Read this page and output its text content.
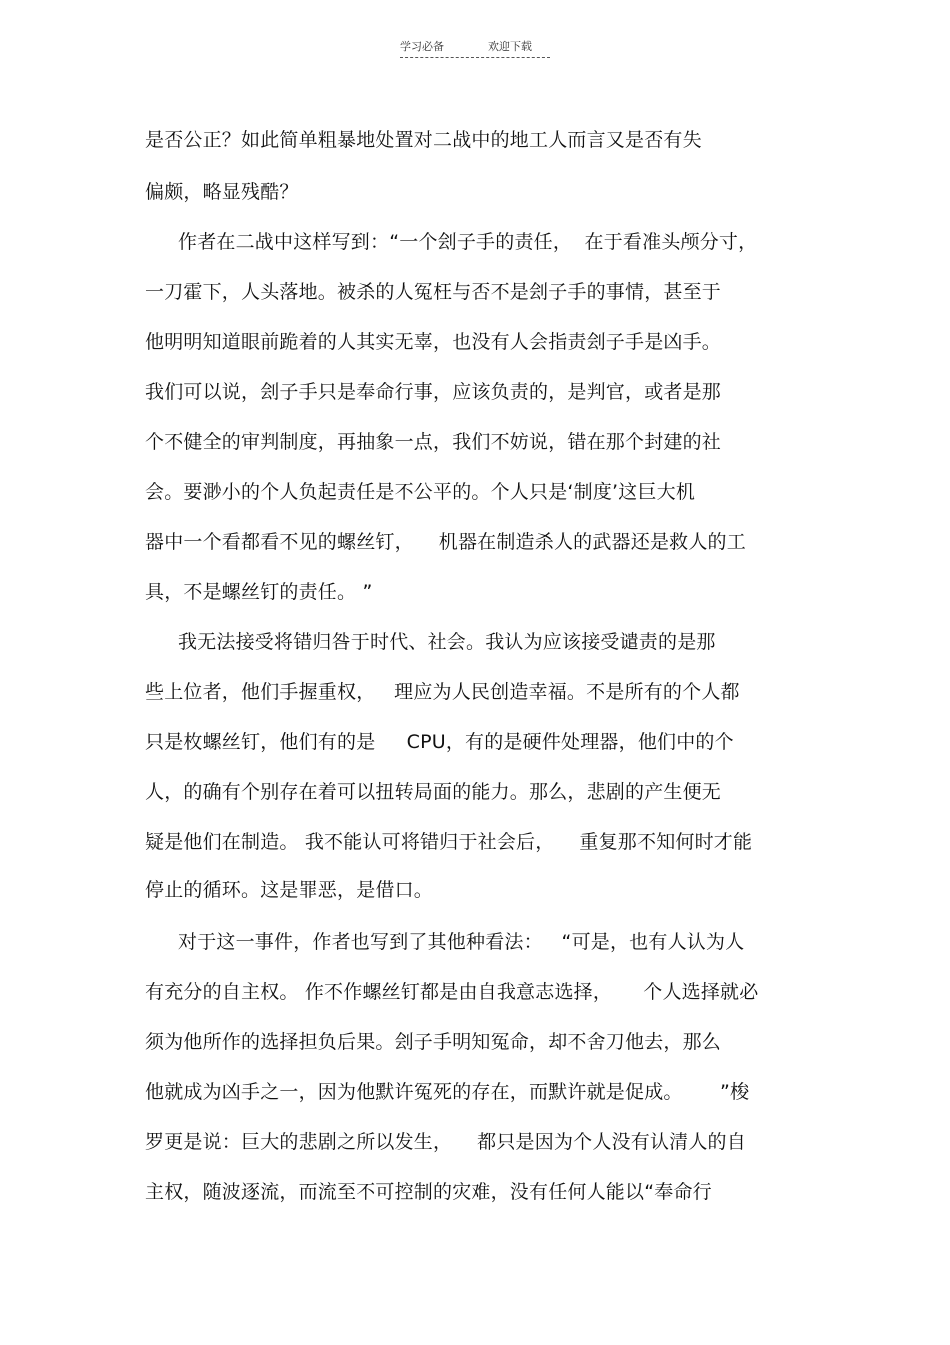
学习必备	欢迎下载
是否公正？如此简单粗暴地处置对二战中的地工人而言又是否有失
偏颇，略显残酷？
作者在二战中这样写到：“一个刽子手的责任，  在于看准头颅分寸，
一刀霍下，人头落地。被杀的人冤枉与否不是刽子手的事情，甚至于
他明明知道眼前跪着的人其实无辜，也没有人会指责刽子手是凶手。
我们可以说，刽子手只是奉命行事，应该负责的，是判官，或者是那
个不健全的审判制度，再抽象一点，我们不妨说，错在那个封建的社
会。要渺小的个人负起责任是不公平的。个人只是‘制度’这巨大机
器中一个看都看不见的螺丝钉，    机器在制造杀人的武器还是救人的工
具，不是螺丝钉的责任。 ”
我无法接受将错归咎于时代、社会。我认为应该接受谴责的是那
些上位者，他们手握重权，   理应为人民创造幸福。不是所有的个人都
只是枚螺丝钉，他们有的是     CPU，有的是硬件处理器，他们中的个
人，的确有个别存在着可以扭转局面的能力。那么，悲剧的产生便无
疑是他们在制造。 我不能认可将错归于社会后，    重复那不知何时才能
停止的循环。这是罪恶，是借口。
对于这一事件，作者也写到了其他种看法：   “可是，也有人认为人
有充分的自主权。 作不作螺丝钉都是由自我意志选择，     个人选择就必
须为他所作的选择担负后果。刽子手明知冤命，却不舍刀他去，那么
他就成为凶手之一，因为他默许冤死的存在，而默许就是促成。      ”梭
罗更是说：巨大的悲剧之所以发生，    都只是因为个人没有认清人的自
主权，随波逐流，而流至不可控制的灾难，没有任何人能以“奉命行
